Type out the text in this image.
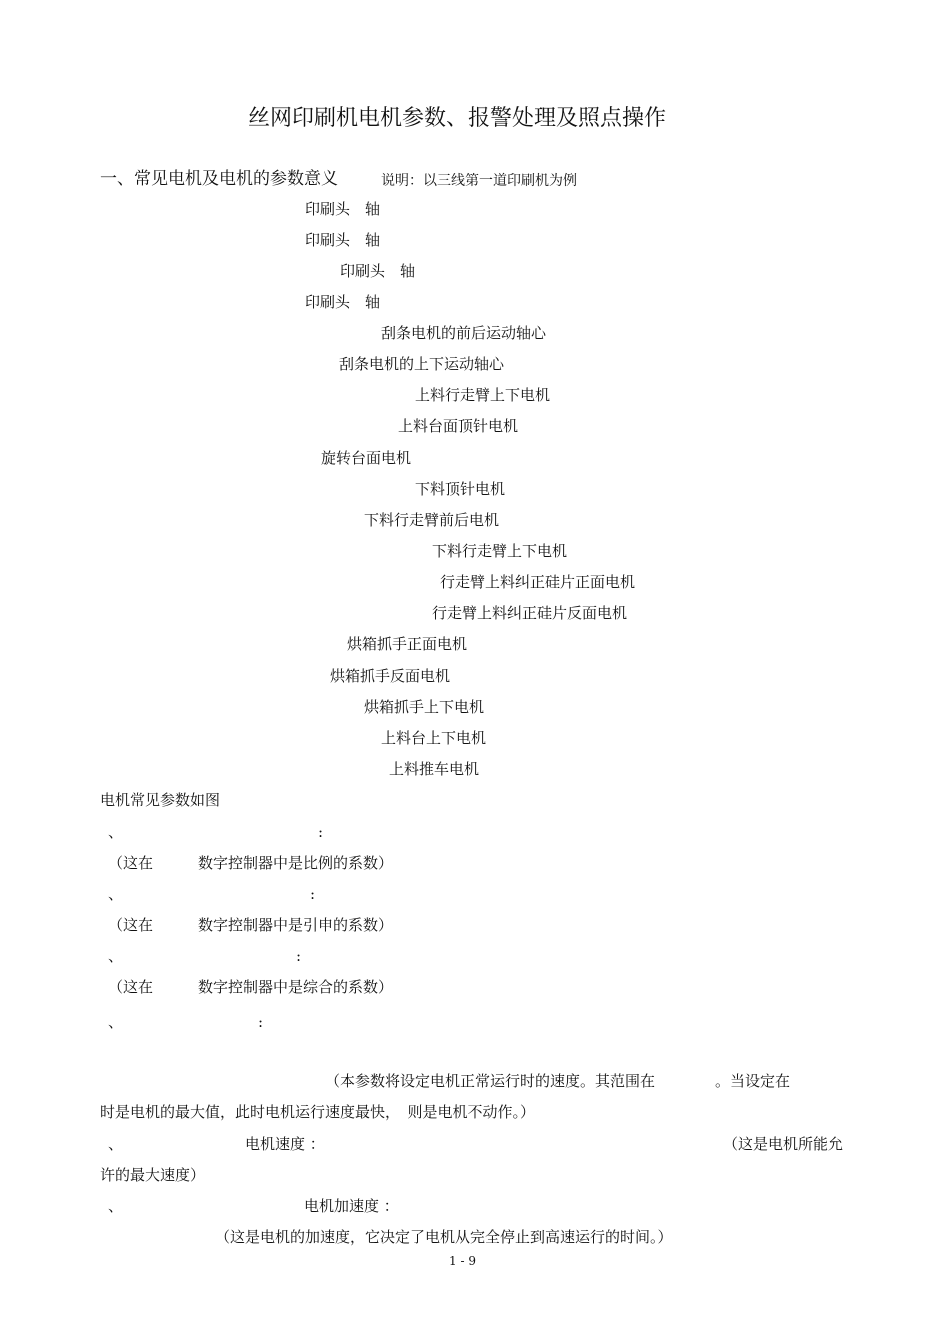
丝网印刷机电机参数、报警处理及照点操作
一、常见电机及电机的参数意义	说明：以三线第一道印刷机为例
印刷头　轴
印刷头　轴
印刷头　轴
印刷头　轴
刮条电机的前后运动轴心
刮条电机的上下运动轴心
上料行走臂上下电机
上料台面顶针电机
旋转台面电机
下料顶针电机
下料行走臂前后电机
下料行走臂上下电机
行走臂上料纠正硅片正面电机
行走臂上料纠正硅片反面电机
烘箱抓手正面电机
烘箱抓手反面电机
烘箱抓手上下电机
上料台上下电机
上料推车电机
电机常见参数如图
、	:
（这在　　　数字控制器中是比例的系数）
、	:
（这在　　　数字控制器中是引申的系数）
、	:
（这在　　　数字控制器中是综合的系数）
、	:
（本参数将设定电机正常运行时的速度。其范围在　　　　。当设定在
时是电机的最大值，此时电机运行速度最快，　则是电机不动作。）
、	电机速度 ：	（这是电机所能允
许的最大速度）
、	电机加速度 ：
（这是电机的加速度，它决定了电机从完全停止到高速运行的时间。）
1 - 9
